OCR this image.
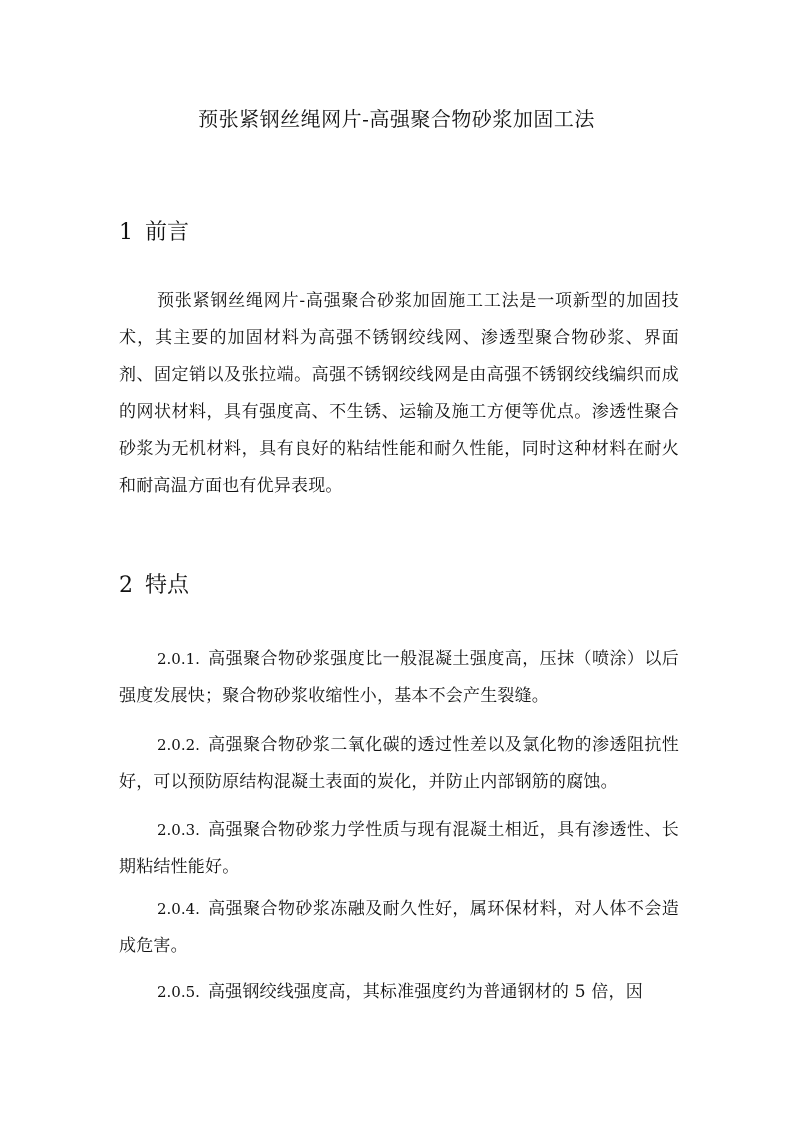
预张紧钢丝绳网片-高强聚合物砂浆加固工法
1 前言

预张紧钢丝绳网片-高强聚合砂浆加固施工工法是一项新型的加固技术，其主要的加固材料为高强不锈钢绞线网、渗透型聚合物砂浆、界面剂、固定销以及张拉端。高强不锈钢绞线网是由高强不锈钢绞线编织而成的网状材料，具有强度高、不生锈、运输及施工方便等优点。渗透性聚合砂浆为无机材料，具有良好的粘结性能和耐久性能，同时这种材料在耐火和耐高温方面也有优异表现。

2 特点

2.0.1. 高强聚合物砂浆强度比一般混凝土强度高，压抹（喷涂）以后强度发展快；聚合物砂浆收缩性小，基本不会产生裂缝。

2.0.2. 高强聚合物砂浆二氧化碳的透过性差以及氯化物的渗透阻抗性好，可以预防原结构混凝土表面的炭化，并防止内部钢筋的腐蚀。

2.0.3. 高强聚合物砂浆力学性质与现有混凝土相近，具有渗透性、长期粘结性能好。

2.0.4. 高强聚合物砂浆冻融及耐久性好，属环保材料，对人体不会造成危害。

2.0.5. 高强钢绞线强度高，其标准强度约为普通钢材的 5 倍，因
